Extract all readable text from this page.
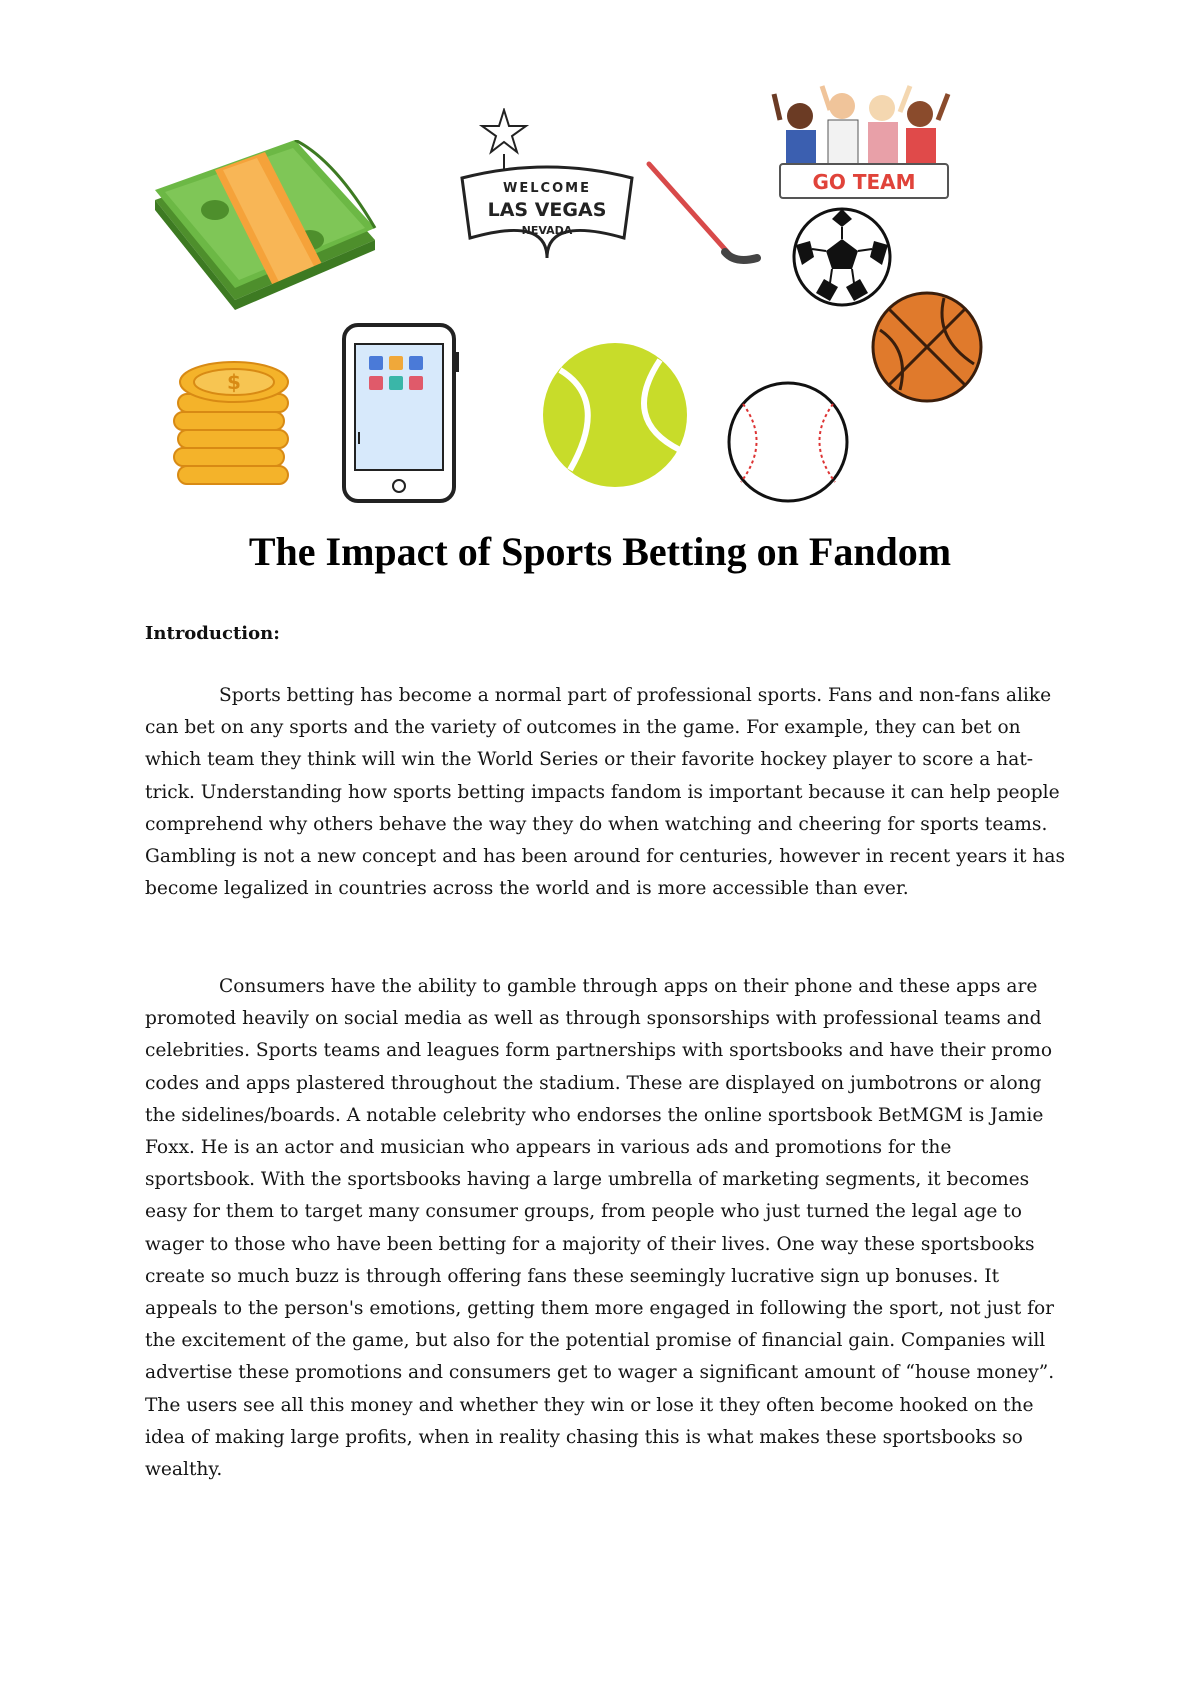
WELCOME
LAS VEGAS
NEVADA
GO TEAM
$
The Impact of Sports Betting on Fandom

Introduction:

Sports betting has become a normal part of professional sports. Fans and non-fans alike can bet on any sports and the variety of outcomes in the game. For example, they can bet on which team they think will win the World Series or their favorite hockey player to score a hat-trick. Understanding how sports betting impacts fandom is important because it can help people comprehend why others behave the way they do when watching and cheering for sports teams. Gambling is not a new concept and has been around for centuries, however in recent years it has become legalized in countries across the world and is more accessible than ever.

Consumers have the ability to gamble through apps on their phone and these apps are promoted heavily on social media as well as through sponsorships with professional teams and celebrities. Sports teams and leagues form partnerships with sportsbooks and have their promo codes and apps plastered throughout the stadium. These are displayed on jumbotrons or along the sidelines/boards. A notable celebrity who endorses the online sportsbook BetMGM is Jamie Foxx. He is an actor and musician who appears in various ads and promotions for the sportsbook. With the sportsbooks having a large umbrella of marketing segments, it becomes easy for them to target many consumer groups, from people who just turned the legal age to wager to those who have been betting for a majority of their lives. One way these sportsbooks create so much buzz is through offering fans these seemingly lucrative sign up bonuses. It appeals to the person's emotions, getting them more engaged in following the sport, not just for the excitement of the game, but also for the potential promise of financial gain. Companies will advertise these promotions and consumers get to wager a significant amount of “house money”. The users see all this money and whether they win or lose it they often become hooked on the idea of making large profits, when in reality chasing this is what makes these sportsbooks so wealthy.
